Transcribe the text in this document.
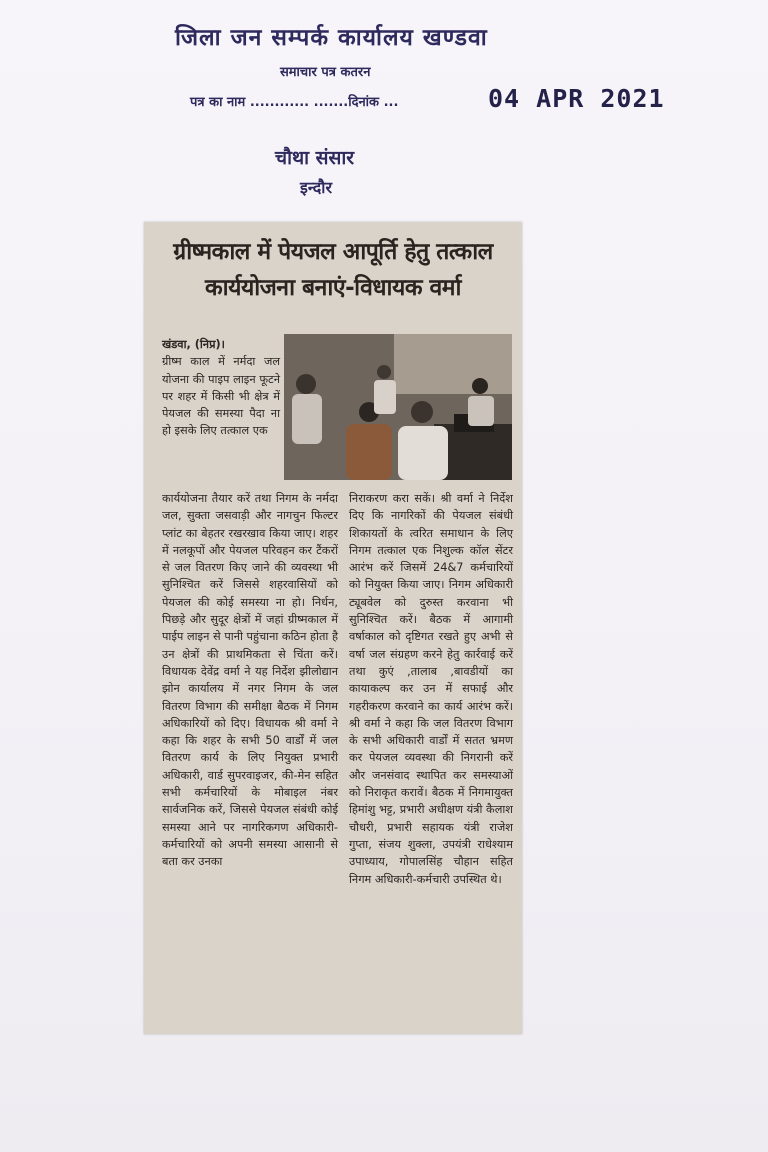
जिला जन सम्पर्क कार्यालय खण्डवा
समाचार पत्र कतरन
पत्र का नाम ............ .......दिनांक ...	04 APR 2021
चौथा संसार
इन्दौर
ग्रीष्मकाल में पेयजल आपूर्ति हेतु तत्काल
कार्ययोजना बनाएं-विधायक वर्मा
खंडवा, (निप्र)।
ग्रीष्म काल में नर्मदा जल योजना की पाइप लाइन फूटने पर शहर में किसी भी क्षेत्र में पेयजल की समस्या पैदा ना हो इसके लिए तत्काल एक
कार्ययोजना तैयार करें तथा निगम के नर्मदा जल, सुक्ता जसवाड़ी और नागचुन फिल्टर प्लांट का बेहतर रखरखाव किया जाए। शहर में नलकूपों और पेयजल परिवहन कर टैंकरों से जल वितरण किए जाने की व्यवस्था भी सुनिश्चित करें जिससे शहरवासियों को पेयजल की कोई समस्या ना हो। निर्धन, पिछड़े और सुदूर क्षेत्रों में जहां ग्रीष्मकाल में पाईप लाइन से पानी पहुंचाना कठिन होता है उन क्षेत्रों की प्राथमिकता से चिंता करें। विधायक देवेंद्र वर्मा ने यह निर्देश झीलोद्यान झोन कार्यालय में नगर निगम के जल वितरण विभाग की समीक्षा बैठक में निगम अधिकारियों को दिए। विधायक श्री वर्मा ने कहा कि शहर के सभी 50 वार्डों में जल वितरण कार्य के लिए नियुक्त प्रभारी अधिकारी, वार्ड सुपरवाइजर, की-मेन सहित सभी कर्मचारियों के मोबाइल नंबर सार्वजनिक करें, जिससे पेयजल संबंधी कोई समस्या आने पर नागरिकगण अधिकारी-कर्मचारियों को अपनी समस्या आसानी से बता कर उनका
निराकरण करा सकें। श्री वर्मा ने निर्देश दिए कि नागरिकों की पेयजल संबंधी शिकायतों के त्वरित समाधान के लिए निगम तत्काल एक निशुल्क कॉल सेंटर आरंभ करें जिसमें 24&7 कर्मचारियों को नियुक्त किया जाए। निगम अधिकारी ट्यूबवेल को दुरुस्त करवाना भी सुनिश्चित करें। बैठक में आगामी वर्षाकाल को दृष्टिगत रखते हुए अभी से वर्षा जल संग्रहण करने हेतु कार्रवाई करें तथा कुएं ,तालाब ,बावडीयों का कायाकल्प कर उन में सफाई और गहरीकरण करवाने का कार्य आरंभ करें। श्री वर्मा ने कहा कि जल वितरण विभाग के सभी अधिकारी वार्डों में सतत भ्रमण कर पेयजल व्यवस्था की निगरानी करें और जनसंवाद स्थापित कर समस्याओं को निराकृत करावें। बैठक में निगमायुक्त हिमांशु भट्ट, प्रभारी अधीक्षण यंत्री कैलाश चौधरी, प्रभारी सहायक यंत्री राजेश गुप्ता, संजय शुक्ला, उपयंत्री राधेश्याम उपाध्याय, गोपालसिंह चौहान सहित निगम अधिकारी-कर्मचारी उपस्थित थे।
